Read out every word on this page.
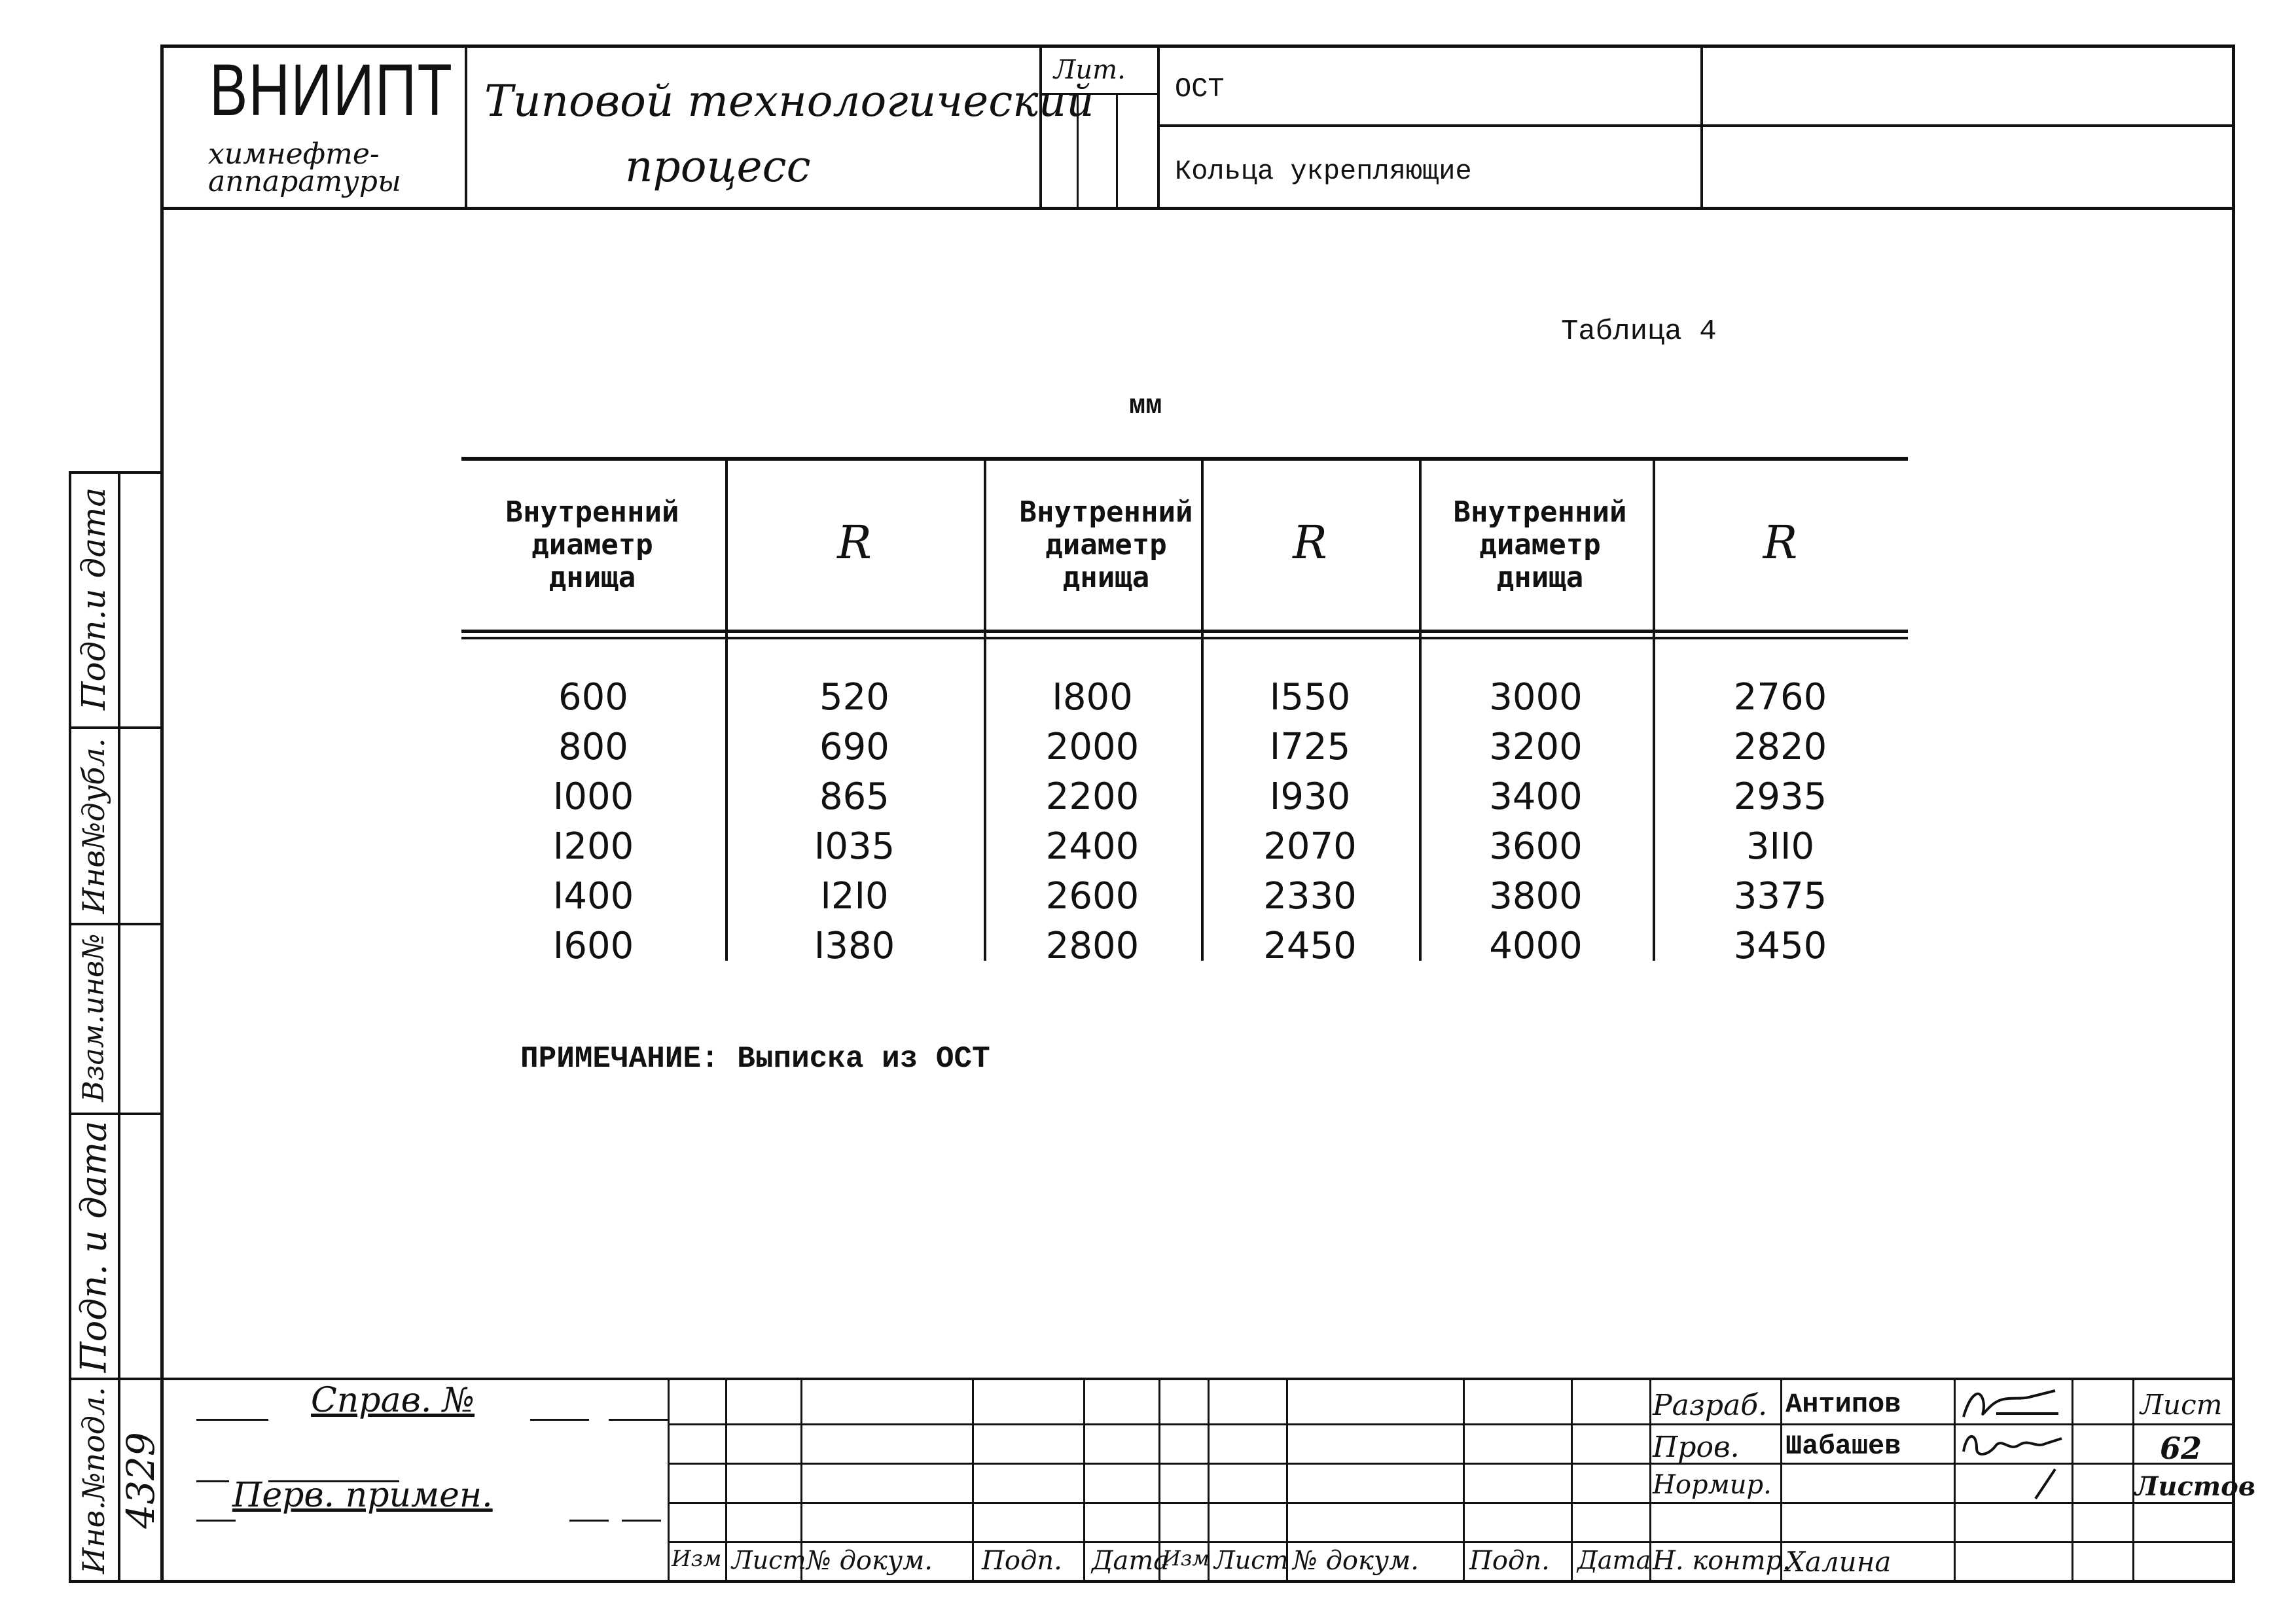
ВНИИПТ
химнефте-
аппаратуры
Типовой технологический
процесс
Лит.
ОСТ
Кольца укрепляющие
Подп.и дата
Инв№дубл.
Взам.инв№
Подп. и дата
Инв.№подл. 4329
Таблица 4
мм
Внутренний
диаметр
днища
R
Внутренний
диаметр
днища
R
Внутренний
диаметр
днища
R
600
800
I000
I200
I400
I600
520
690
865
I035
I2I0
I380
I800
2000
2200
2400
2600
2800
I550
I725
I930
2070
2330
2450
3000
3200
3400
3600
3800
4000
2760
2820
2935
3II0
3375
3450
ПРИМЕЧАНИЕ: Выписка из ОСТ
Справ. №
Перв. примен.
Изм Лист № докум. Подп. Дата
Изм Лист № докум. Подп. Дата
Разраб.
Пров.
Нормир.
Н. контр.
Антипов
Шабашев
Халина
Лист
62
Листов
